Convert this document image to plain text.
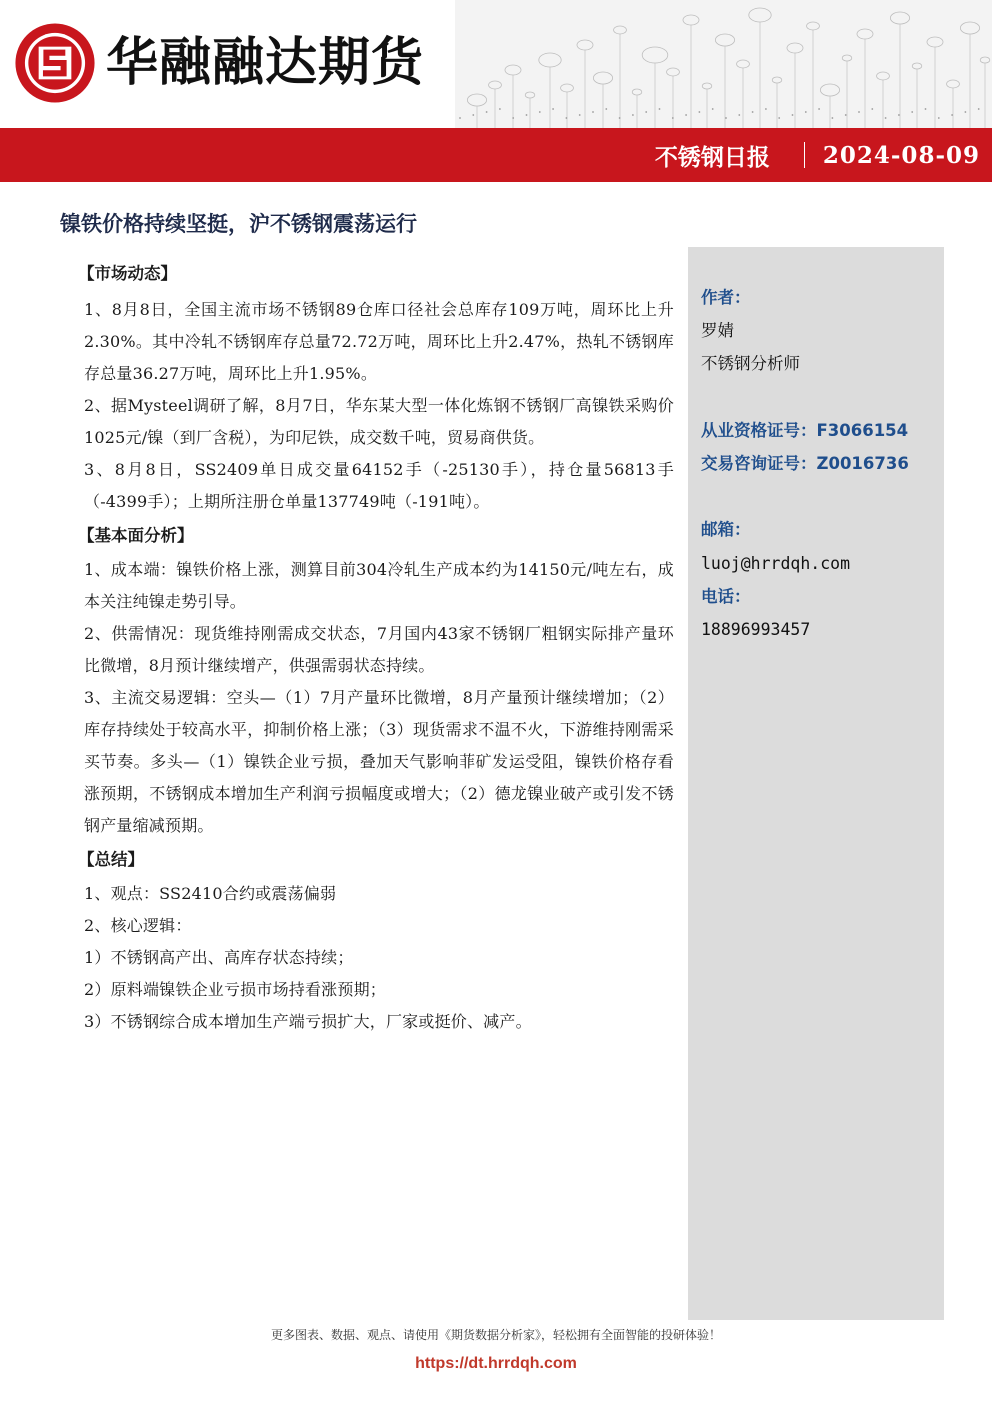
华融融达期货
不锈钢日报 2024-08-09
镍铁价格持续坚挺，沪不锈钢震荡运行
【市场动态】

1、8月8日，全国主流市场不锈钢89仓库口径社会总库存109万吨，周环比上升2.30%。其中冷轧不锈钢库存总量72.72万吨，周环比上升2.47%，热轧不锈钢库存总量36.27万吨，周环比上升1.95%。

2、据Mysteel调研了解，8月7日，华东某大型一体化炼钢不锈钢厂高镍铁采购价1025元/镍（到厂含税），为印尼铁，成交数千吨，贸易商供货。

3、8月8日，SS2409单日成交量64152手（-25130手），持仓量56813手（-4399手）；上期所注册仓单量137749吨（-191吨）。

【基本面分析】

1、成本端：镍铁价格上涨，测算目前304冷轧生产成本约为14150元/吨左右，成本关注纯镍走势引导。

2、供需情况：现货维持刚需成交状态，7月国内43家不锈钢厂粗钢实际排产量环比微增，8月预计继续增产，供强需弱状态持续。

3、主流交易逻辑：空头—（1）7月产量环比微增，8月产量预计继续增加；（2）库存持续处于较高水平，抑制价格上涨；（3）现货需求不温不火，下游维持刚需采买节奏。多头—（1）镍铁企业亏损，叠加天气影响菲矿发运受阻，镍铁价格存看涨预期，不锈钢成本增加生产利润亏损幅度或增大；（2）德龙镍业破产或引发不锈钢产量缩减预期。

【总结】

1、观点：SS2410合约或震荡偏弱

2、核心逻辑：

1）不锈钢高产出、高库存状态持续；

2）原料端镍铁企业亏损市场持看涨预期；

3）不锈钢综合成本增加生产端亏损扩大，厂家或挺价、减产。

作者：
罗婧
不锈钢分析师
从业资格证号：F3066154
交易咨询证号：Z0016736
邮箱：
luoj@hrrdqh.com
电话：
18896993457
更多图表、数据、观点、请使用《期货数据分析家》，轻松拥有全面智能的投研体验！
https://dt.hrrdqh.com
